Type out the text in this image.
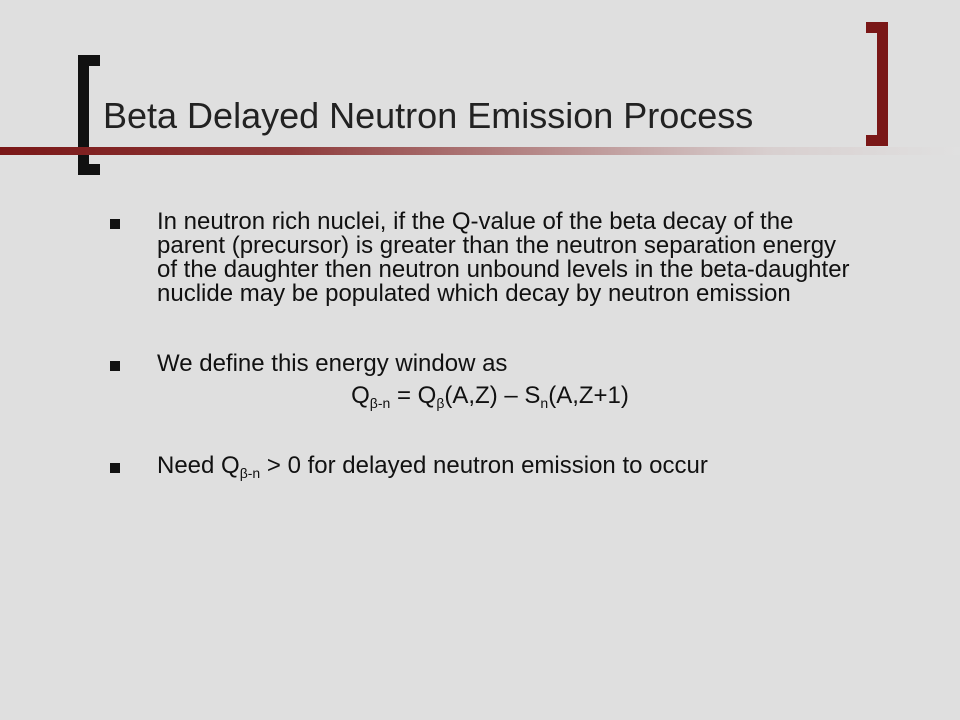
Beta Delayed Neutron Emission Process
In neutron rich nuclei, if the Q-value of the beta decay of the parent (precursor) is greater than the neutron separation energy of the daughter then neutron unbound levels in the beta-daughter nuclide may be populated which decay by neutron emission
We define this energy window as
$Q_{\beta-n} = Q_\beta(A,Z) - S_n(A,Z+1)$
Need $Q_{\beta-n} > 0$ for delayed neutron emission to occur
